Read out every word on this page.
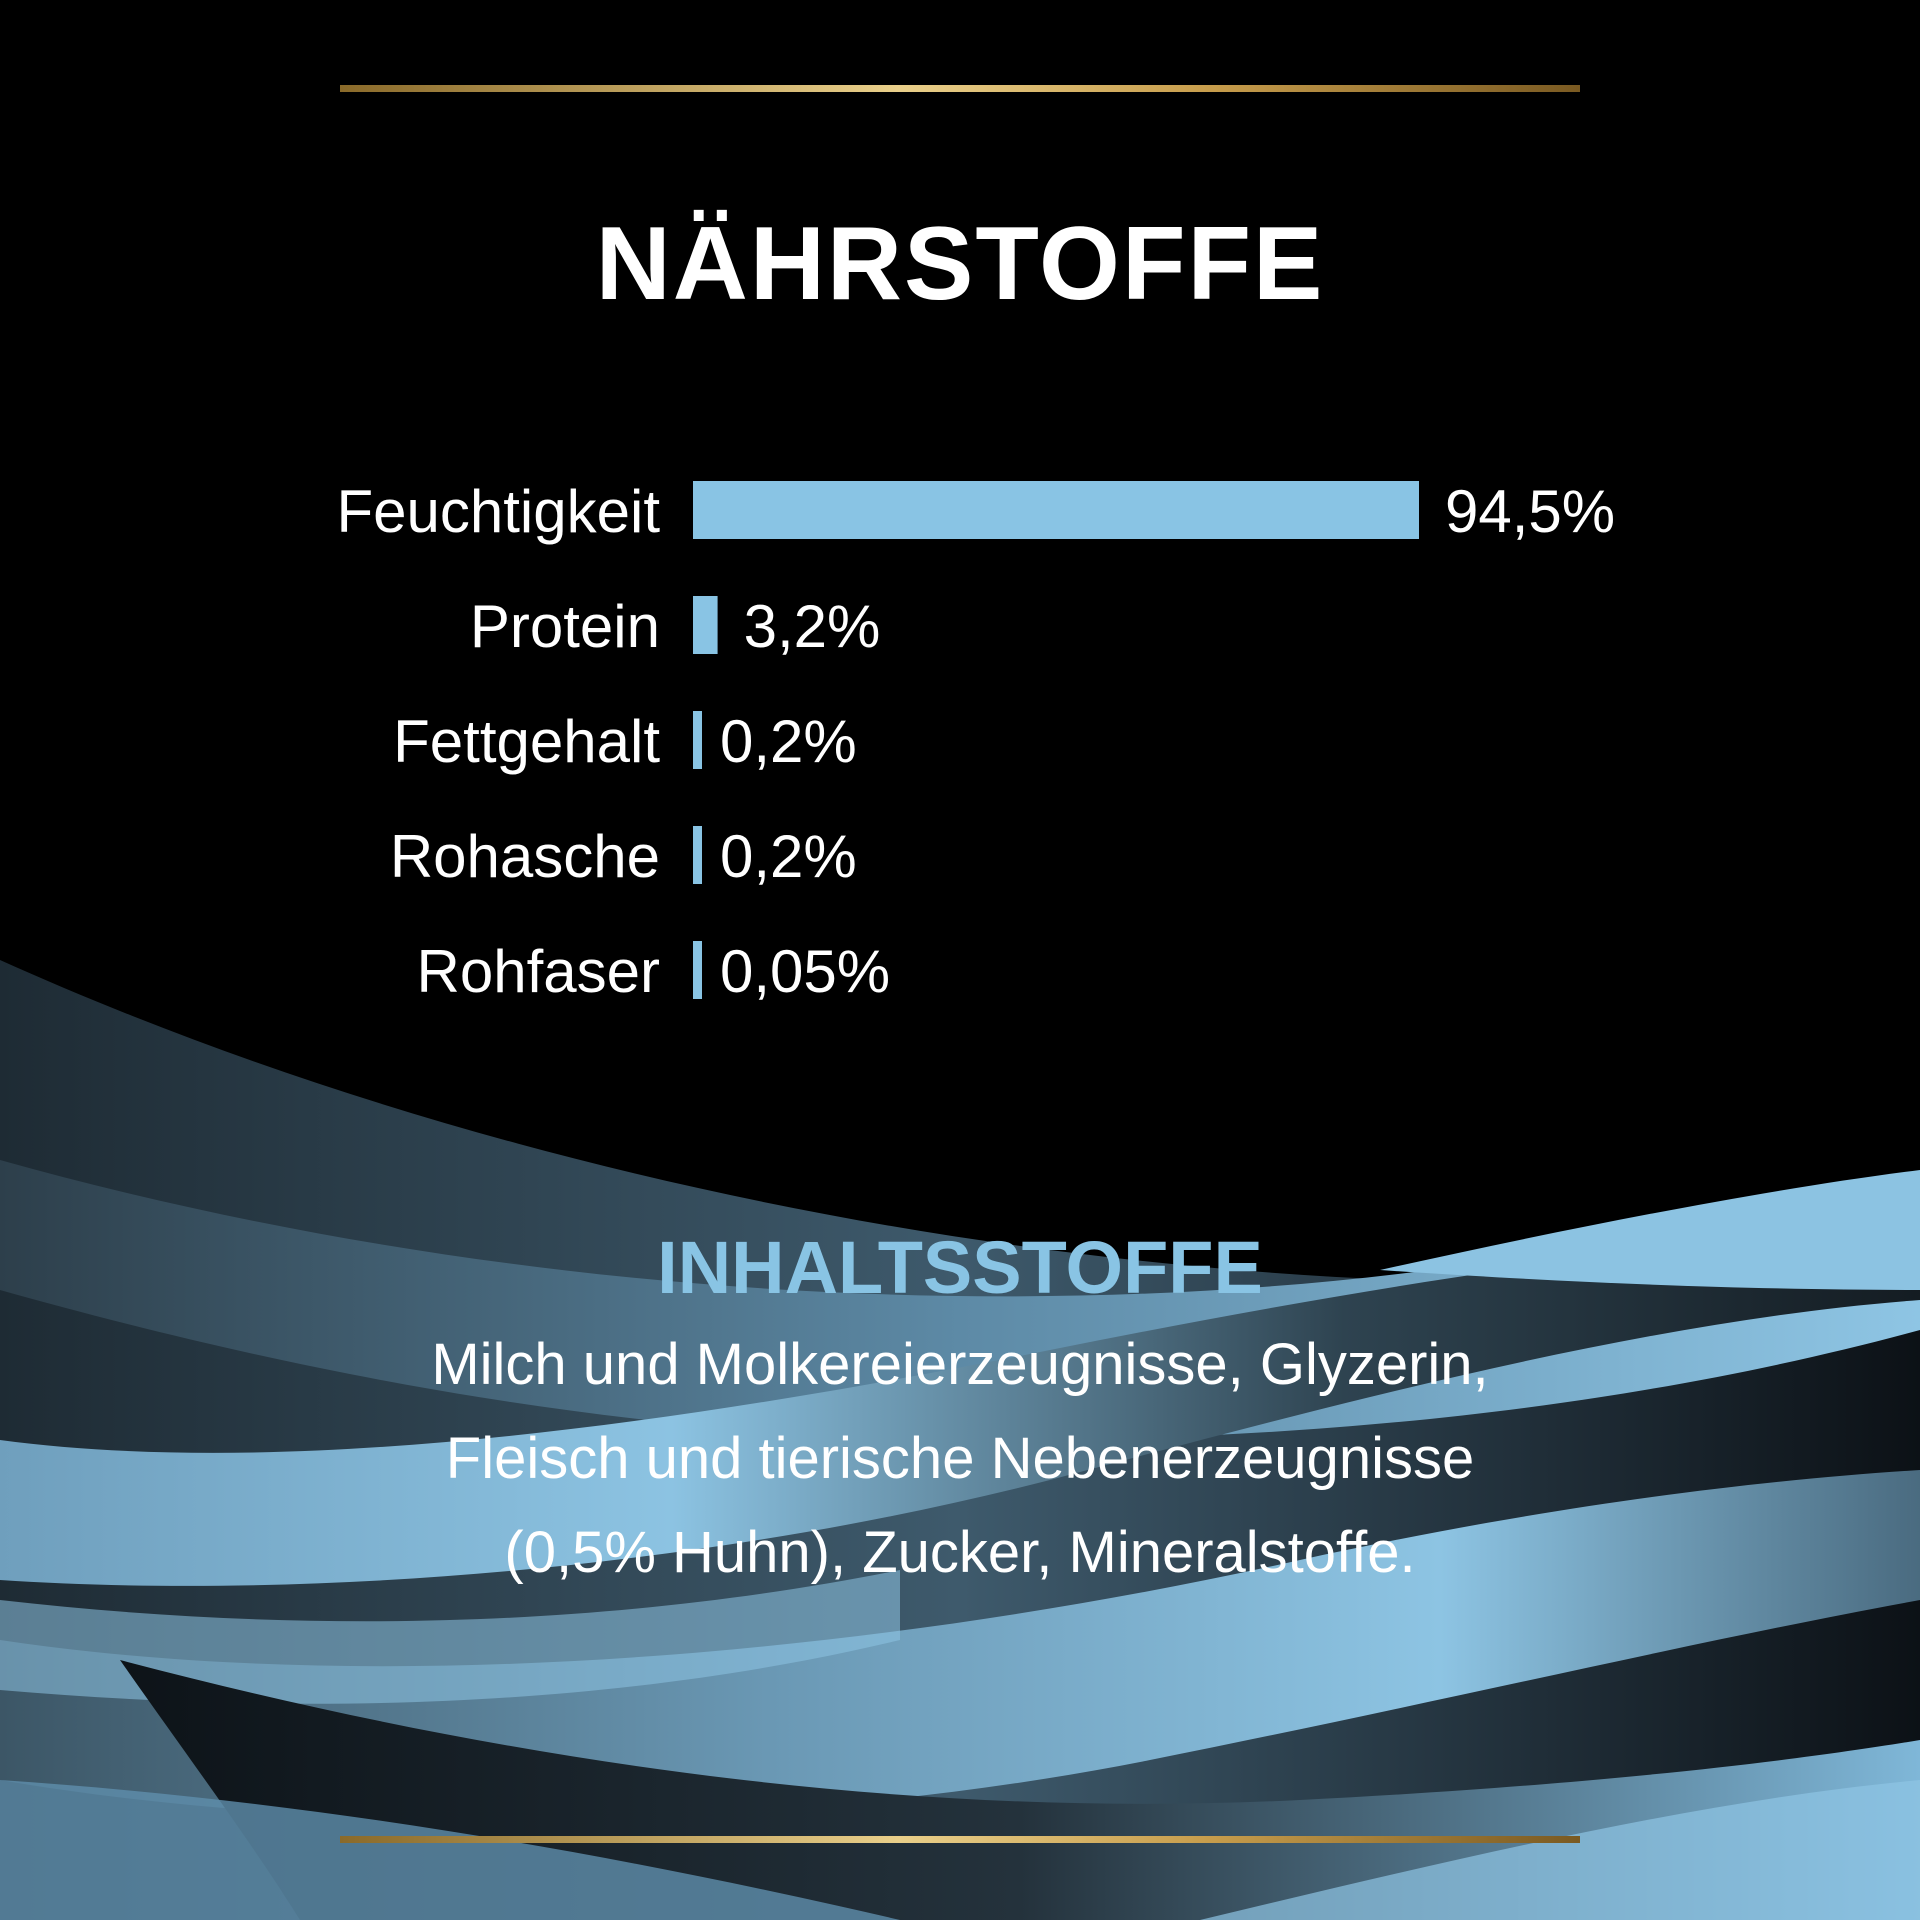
NÄHRSTOFFE
Feuchtigkeit	94,5%
Protein 3,2%
Fettgehalt 0,2%
Rohasche 0,2%
Rohfaser 0,05%
INHALTSSTOFFE
Milch und Molkereierzeugnisse, Glyzerin,
Fleisch und tierische Nebenerzeugnisse
(0,5% Huhn), Zucker, Mineralstoffe.
